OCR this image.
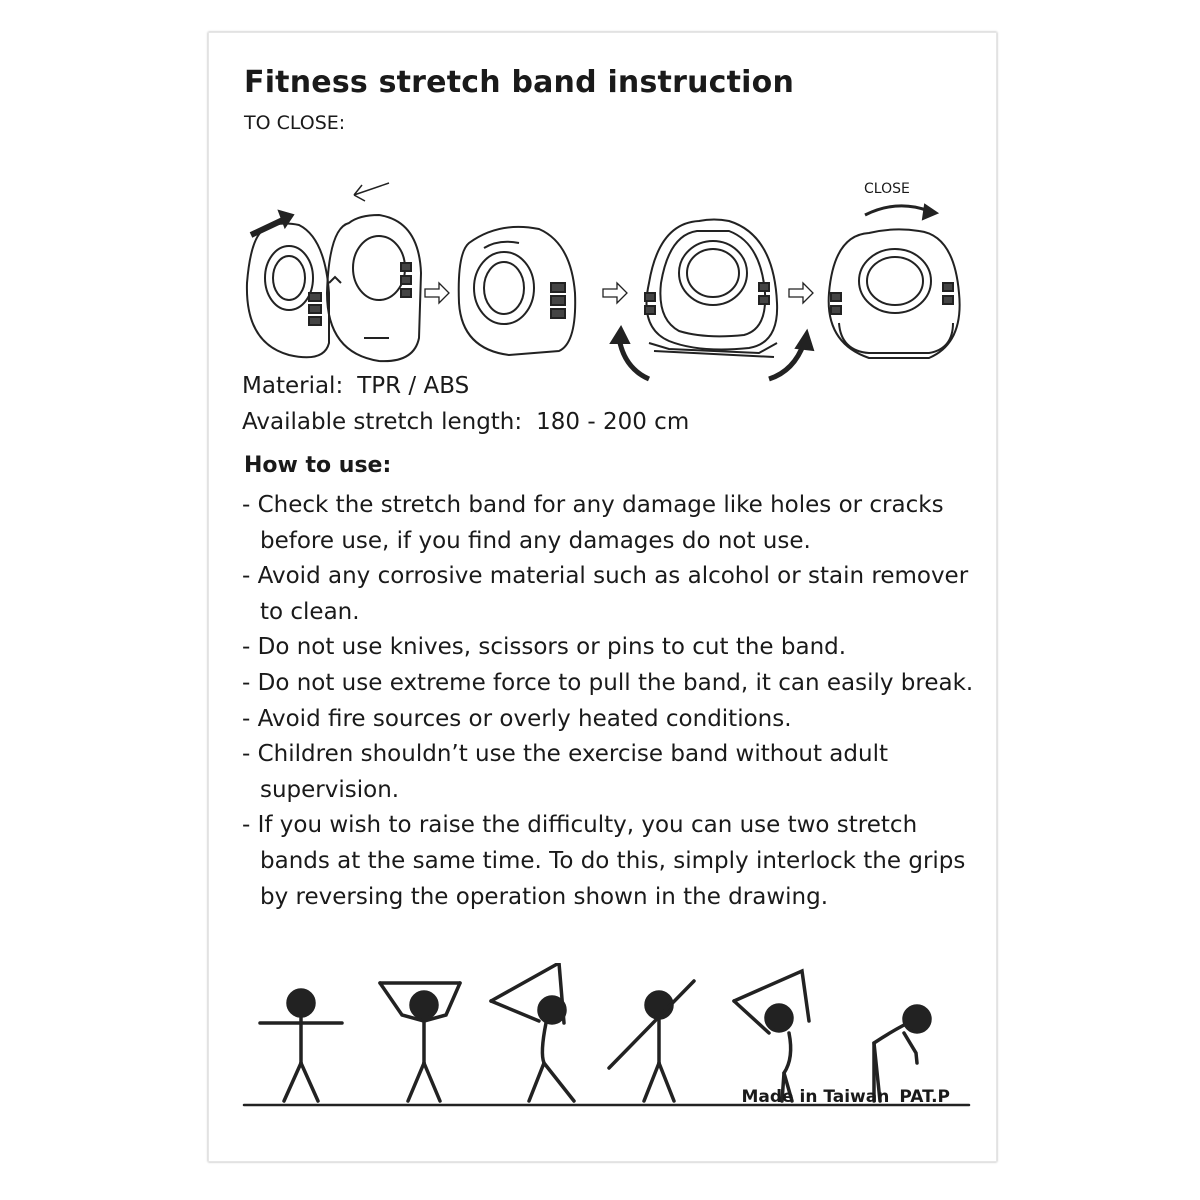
Fitness stretch band instruction
TO CLOSE:
CLOSE
Material: TPR / ABS
Available stretch length: 180 - 200 cm
How to use:
- Check the stretch band for any damage like holes or cracks before use, if you find any damages do not use.
- Avoid any corrosive material such as alcohol or stain remover to clean.
- Do not use knives, scissors or pins to cut the band.
- Do not use extreme force to pull the band, it can easily break.
- Avoid fire sources or overly heated conditions.
- Children shouldn’t use the exercise band without adult supervision.
- If you wish to raise the difficulty, you can use two stretch bands at the same time. To do this, simply interlock the grips by reversing the operation shown in the drawing.
Made in Taiwan PAT.P
